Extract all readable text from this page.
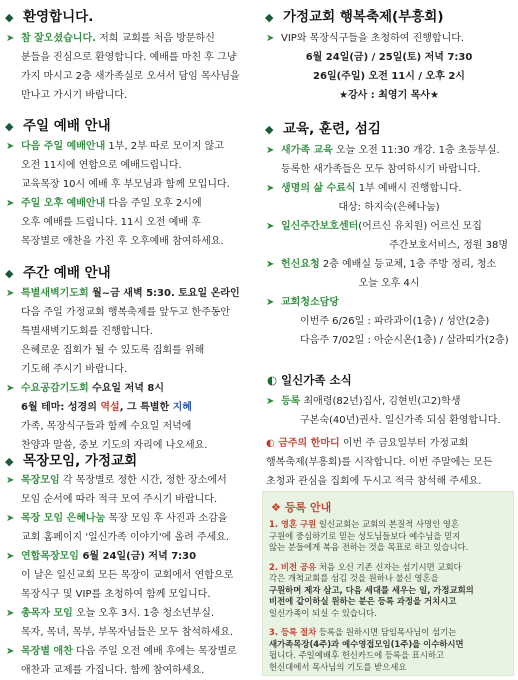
◆ 환영합니다.
➤ 참 잘오셨습니다. 저희 교회를 처음 방문하신
분들을 진심으로 환영합니다. 예배를 마친 후 그냥
가지 마시고 2층 새가족실로 오셔서 담임 목사님을
만나고 가시기 바랍니다.
◆ 주일 예배 안내
➤ 다음 주일 예배안내 1부, 2부 따로 모이지 않고
오전 11시에 연합으로 예배드립니다.
교육목장 10시 예배 후 부모님과 함께 모입니다.
➤ 주일 오후 예배안내 다음 주일 오후 2시에
오후 예배를 드립니다. 11시 오전 예배 후
목장별로 애찬을 가진 후 오후예배 참여하세요.
◆ 주간 예배 안내
➤ 특별새벽기도회 월~금 새벽 5:30. 토요일 온라인
다음 주일 가정교회 행복축제를 앞두고 한주동안
특별새벽기도회를 진행합니다.
은혜로운 집회가 될 수 있도록 집회를 위해
기도해 주시기 바랍니다.
➤ 수요공감기도회 수요일 저녁 8시
6월 테마: 성경의 역설, 그 특별한 지혜
가족, 목장식구들과 함께 수요일 저녁에
찬양과 말씀, 중보 기도의 자리에 나오세요.
◆ 목장모임, 가정교회
➤ 목장모임 각 목장별로 정한 시간, 정한 장소에서
모임 순서에 따라 적극 모여 주시기 바랍니다.
➤ 목장 모임 은혜나눔 목장 모임 후 사진과 소감을
교회 홈페이지 '일신가족 이야기'에 올려 주세요.
➤ 연합목장모임 6월 24일(금) 저녁 7:30
이 날은 일신교회 모든 목장이 교회에서 연합으로
목장식구 및 VIP를 초청하여 함께 모입니다.
➤ 총목자 모임 오늘 오후 3시. 1층 청소년부실.
목자, 목녀, 목부, 부목자님들은 모두 참석하세요.
➤ 목장별 애찬 다음 주일 오전 예배 후에는 목장별로
애찬과 교제를 가집니다. 함께 참여하세요.
◆ 가정교회 행복축제(부흥회)
➤ VIP와 목장식구들을 초청하여 진행합니다.
6월 24일(금) / 25일(토) 저녁 7:30
26일(주일) 오전 11시 / 오후 2시
★강사 : 최영기 목사★
◆ 교육, 훈련, 섬김
➤ 새가족 교육 오늘 오전 11:30 개강. 1층 초등부실.
등록한 새가족들은 모두 참여하시기 바랍니다.
➤ 생명의 삶 수료식 1부 예배시 진행합니다.
대상: 하지숙(은혜나눔)
➤ 일신주간보호센터(어르신 유치원) 어르신 모집
주간보호서비스, 정원 38명
➤ 헌신요청 2층 예배실 등교체, 1층 주방 정리, 청소
오늘 오후 4시
➤ 교회청소담당
이번주 6/26일 : 파라과이(1층) / 성안(2층)
다음주 7/02일 : 아순시온(1층) / 살라띠가(2층)
◐ 일신가족 소식
➤ 등록 최애령(82년)집사, 김현빈(고2)학생
구본숙(40년)권사. 일신가족 되심 환영합니다.
◐ 금주의 한마디 이번 주 금요일부터 가정교회
행복축제(부흥회)를 시작합니다. 이번 주말에는 모든
초청과 관심을 집회에 두시고 적극 참석해 주세요.
❖ 등록 안내
1. 영혼 구원 일신교회는 교회의 본질적 사명인 영혼
구원에 중심하기로 믿는 성도님들보다 예수님을 믿지
않는 분들에게 복음 전하는 것을 목표로 하고 있습니다.
2. 비전 공유 처음 오신 기존 신자는 섬기시면 교회다
각은 개척교회를 섬김 것을 원하나 불신 영혼을
구원하며 제자 삼고, 다음 세대를 세우는 일, 가정교회의
비전에 같이하실 원하는 분은 등록 과정을 거치시고
일신가족이 되실 수 있습니다.
3. 등록 절차 등록을 원하시면 담임목사님이 섬기는
새가족목장(4주)과 예수영접모임(1주)을 이수하시면
됩니다. 주일예배후 헌신카드에 등록을 표시하고
헌신대에서 목사님의 기도를 받으세요
